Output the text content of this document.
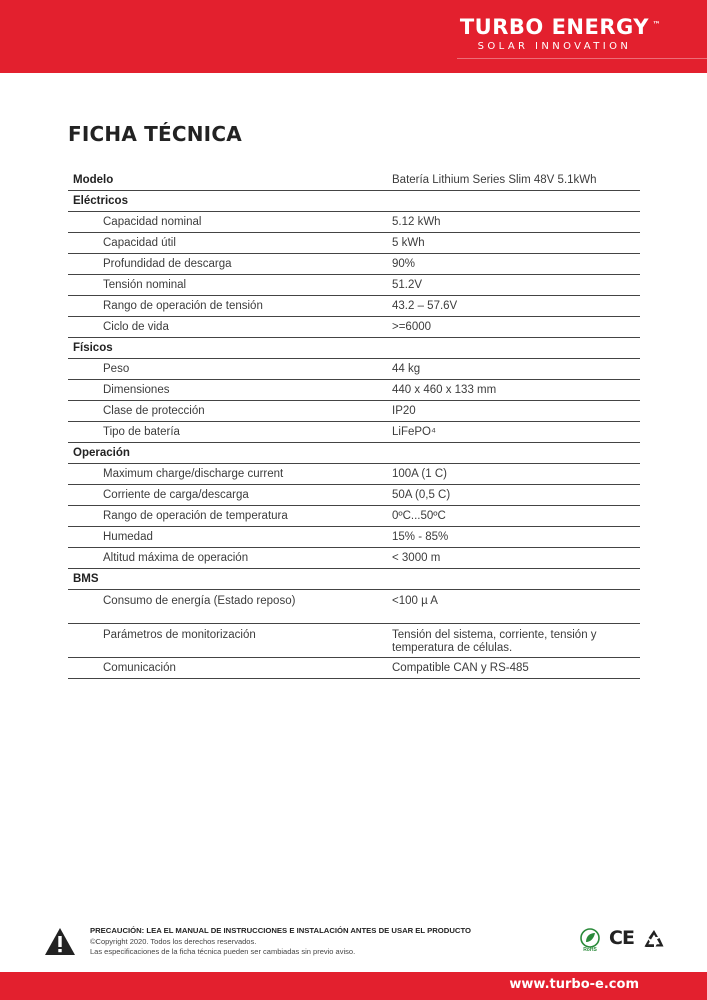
TURBO ENERGY ™
SOLAR INNOVATION
FICHA TÉCNICA
Modelo	Batería Lithium Series Slim 48V 5.1kWh
Eléctricos
Capacidad nominal	5.12 kWh
Capacidad útil	5 kWh
Profundidad de descarga	90%
Tensión nominal	51.2V
Rango de operación de tensión	43.2 – 57.6V
Ciclo de vida	>=6000
Físicos
Peso	44 kg
Dimensiones	440 x 460 x 133 mm
Clase de protección	IP20
Tipo de batería	LiFePO⁴
Operación
Maximum charge/discharge current	100A (1 C)
Corriente de carga/descarga	50A (0,5 C)
Rango de operación de temperatura	0ºC...50ºC
Humedad	15% - 85%
Altitud máxima de operación	< 3000 m
BMS
Consumo de energía (Estado reposo)	<100 µ A
Parámetros de monitorización	Tensión del sistema, corriente, tensión y temperatura de células.
Comunicación	Compatible CAN y RS-485
PRECAUCIÓN: LEA EL MANUAL DE INSTRUCCIONES E INSTALACIÓN ANTES DE USAR EL PRODUCTO
©Copyright 2020. Todos los derechos reservados.
Las especificaciones de la ficha técnica pueden ser cambiadas sin previo aviso.	RoHS
CE
www.turbo-e.com
